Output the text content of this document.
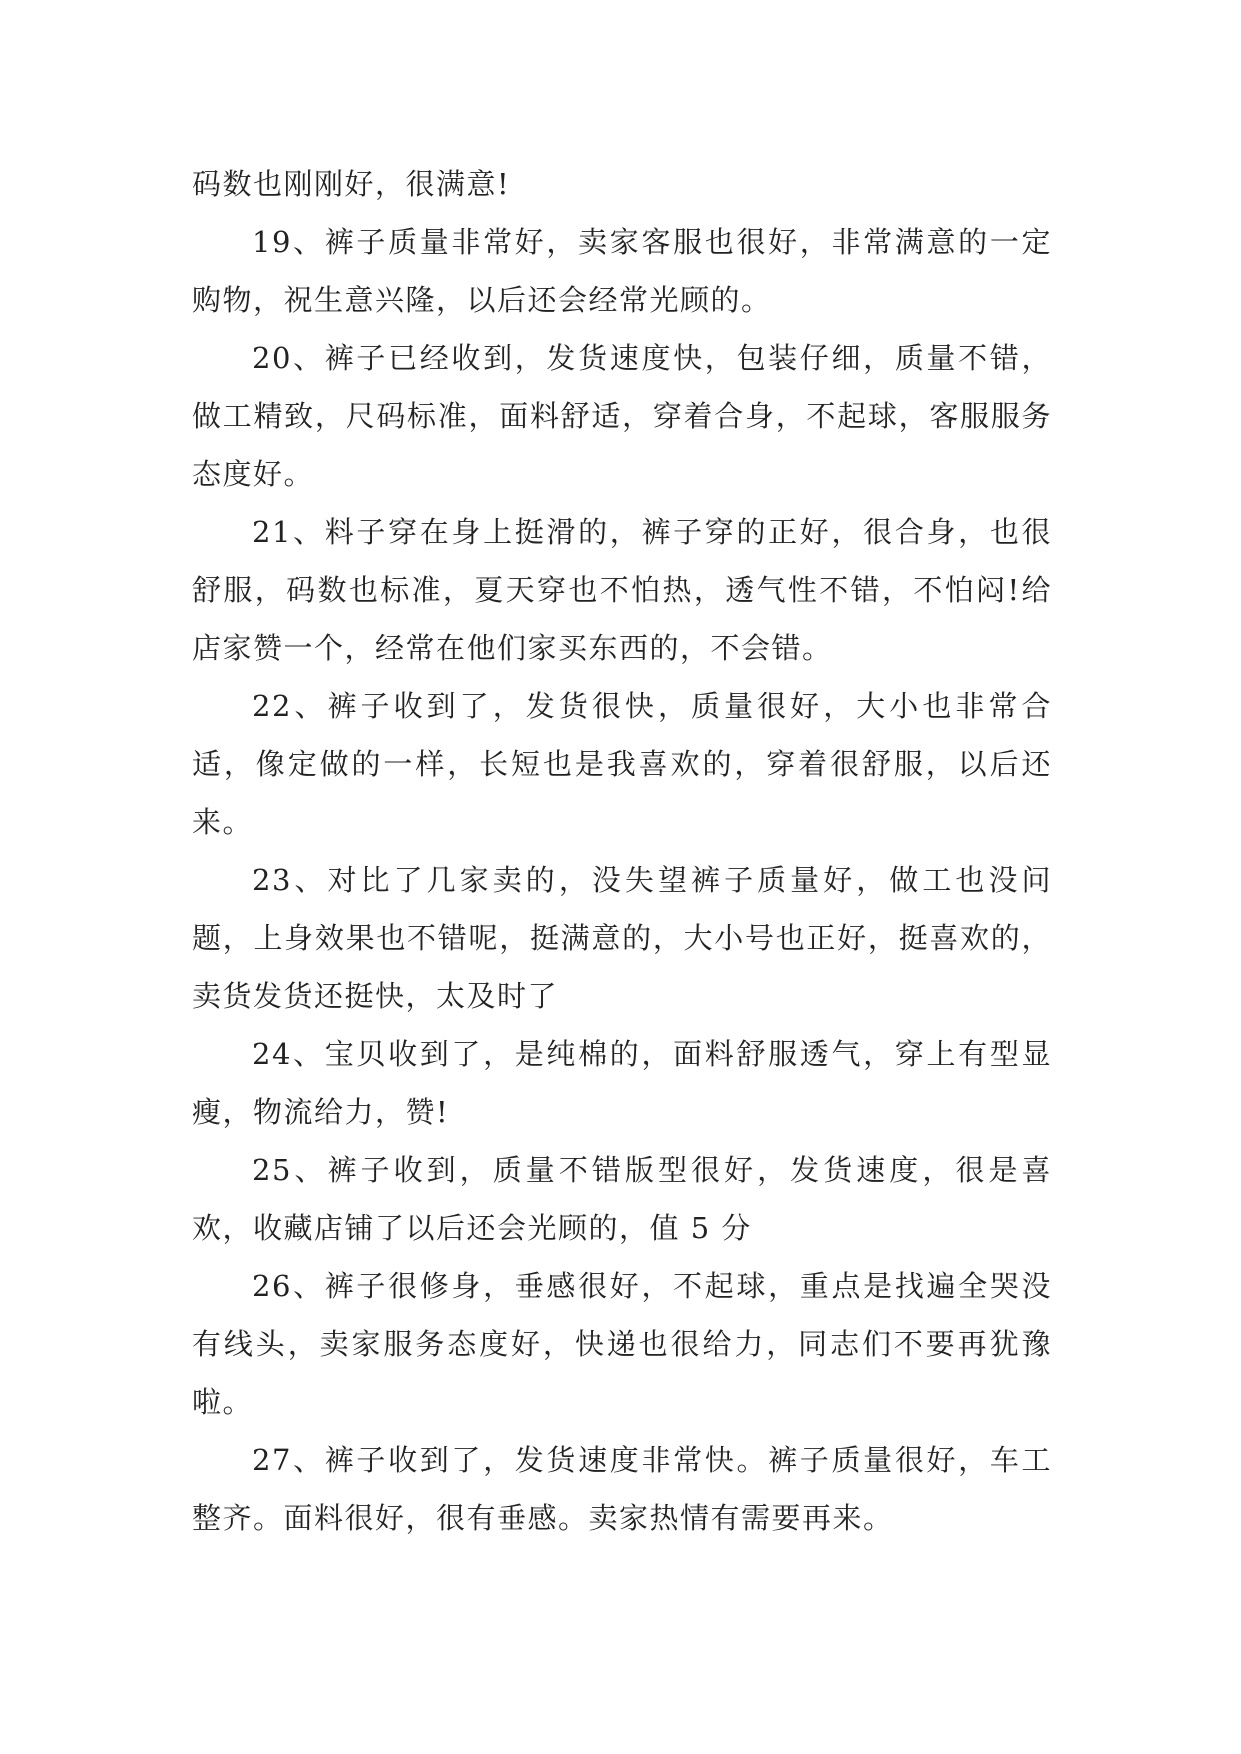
码数也刚刚好，很满意!

19、裤子质量非常好，卖家客服也很好，非常满意的一定购物，祝生意兴隆，以后还会经常光顾的。

20、裤子已经收到，发货速度快，包装仔细，质量不错，做工精致，尺码标准，面料舒适，穿着合身，不起球，客服服务态度好。

21、料子穿在身上挺滑的，裤子穿的正好，很合身，也很舒服，码数也标准，夏天穿也不怕热，透气性不错，不怕闷!给店家赞一个，经常在他们家买东西的，不会错。

22、裤子收到了，发货很快，质量很好，大小也非常合适，像定做的一样，长短也是我喜欢的，穿着很舒服，以后还来。

23、对比了几家卖的，没失望裤子质量好，做工也没问题，上身效果也不错呢，挺满意的，大小号也正好，挺喜欢的，卖货发货还挺快，太及时了

24、宝贝收到了，是纯棉的，面料舒服透气，穿上有型显瘦，物流给力，赞!

25、裤子收到，质量不错版型很好，发货速度，很是喜欢，收藏店铺了以后还会光顾的，值 5 分

26、裤子很修身，垂感很好，不起球，重点是找遍全哭没有线头，卖家服务态度好，快递也很给力，同志们不要再犹豫啦。

27、裤子收到了，发货速度非常快。裤子质量很好，车工整齐。面料很好，很有垂感。卖家热情有需要再来。
